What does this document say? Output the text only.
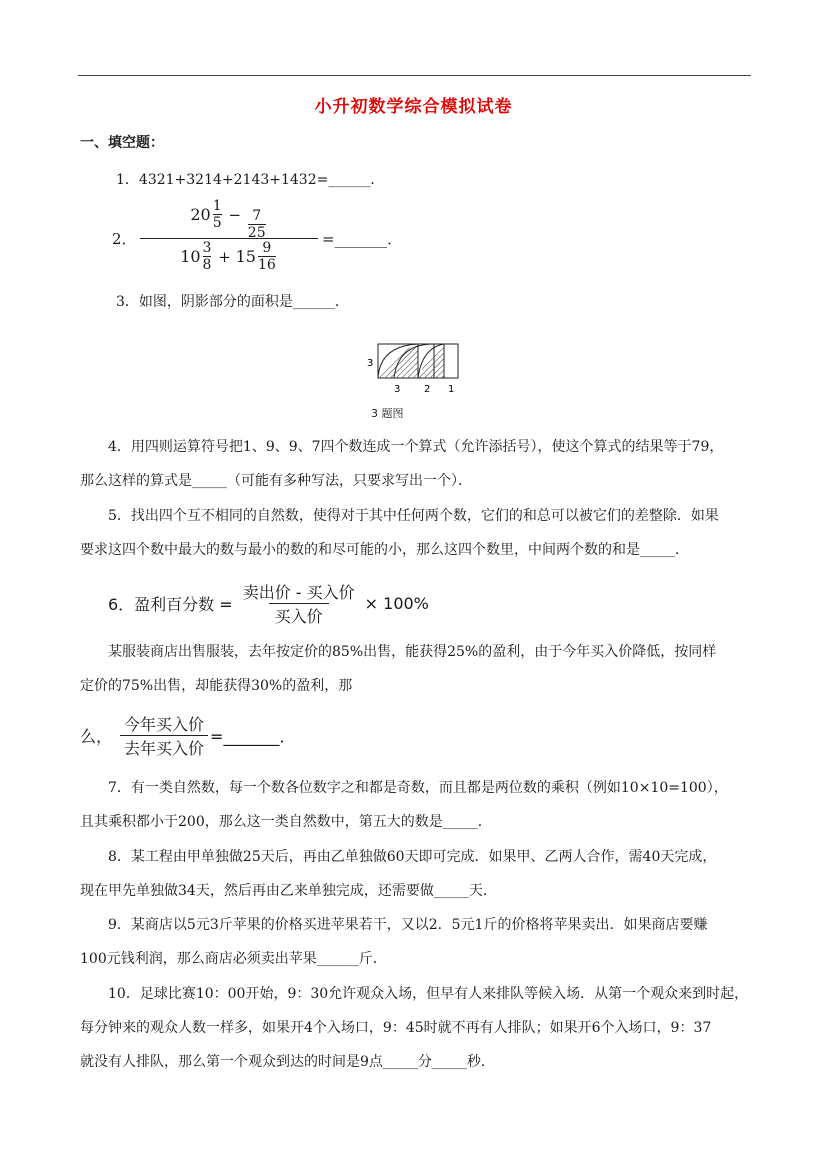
小升初数学综合模拟试卷
一、填空题：
1．4321+3214+2143+1432=______．
2．
$20 \frac{1}{5} - \frac{7}{25}$
$10 \frac{3}{8} + 15 \frac{9}{16}$
=_______．
3．如图，阴影部分的面积是______．
3
3 2 1
3 题图
4．用四则运算符号把1、9、9、7四个数连成一个算式（允许添括号），使这个算式的结果等于79，
那么这样的算式是_____（可能有多种写法，只要求写出一个）．
5．找出四个互不相同的自然数，使得对于其中任何两个数，它们的和总可以被它们的差整除．如果
要求这四个数中最大的数与最小的数的和尽可能的小，那么这四个数里，中间两个数的和是_____．
6．盈利百分数 = $\frac{\text{卖出价 - 买入价}}{\text{买入价}} \times 100\%$
某服装商店出售服装，去年按定价的85%出售，能获得25%的盈利，由于今年买入价降低，按同样
定价的75%出售，却能获得30%的盈利，那
么， $\frac{\text{今年买入价}}{\text{去年买入价}}$ =_______．
7．有一类自然数，每一个数各位数字之和都是奇数，而且都是两位数的乘积（例如10×10=100），
且其乘积都小于200，那么这一类自然数中，第五大的数是_____．
8．某工程由甲单独做25天后，再由乙单独做60天即可完成．如果甲、乙两人合作，需40天完成，
现在甲先单独做34天，然后再由乙来单独完成，还需要做_____天．
9．某商店以5元3斤苹果的价格买进苹果若干，又以2．5元1斤的价格将苹果卖出．如果商店要赚
100元钱利润，那么商店必须卖出苹果______斤．
10．足球比赛10：00开始，9：30允许观众入场，但早有人来排队等候入场．从第一个观众来到时起，
每分钟来的观众人数一样多，如果开4个入场口，9：45时就不再有人排队；如果开6个入场口，9：37
就没有人排队，那么第一个观众到达的时间是9点_____分_____秒．
